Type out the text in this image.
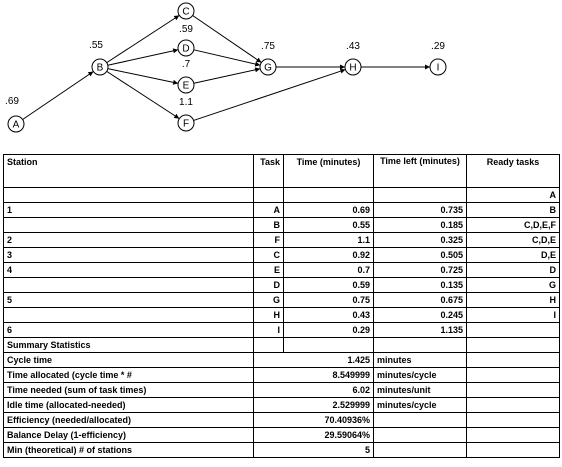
A
.69
B
.55
C
D
.59
E
.7
F
1.1
G
.75
H
.43
I
.29
Station	Task	Time (minutes)	Time left (minutes)	Ready tasks	
				A	
1	A	0.69	0.735	B	
	B	0.55	0.185	C,D,E,F	
2	F	1.1	0.325	C,D,E	
3	C	0.92	0.505	D,E	
4	E	0.7	0.725	D	
	D	0.59	0.135	G	
5	G	0.75	0.675	H	
	H	0.43	0.245	I	
6	I	0.29	1.135		
Summary Statistics					
Cycle time	1.425		minutes		
Time allocated (cycle time * #	8.549999		minutes/cycle		
Time needed (sum of task times)	6.02		minutes/unit		
Idle time (allocated-needed)	2.529999		minutes/cycle		
Efficiency (needed/allocated)	70.40936%				
Balance Delay (1-efficiency)	29.59064%				
Min (theoretical) # of stations	5				
